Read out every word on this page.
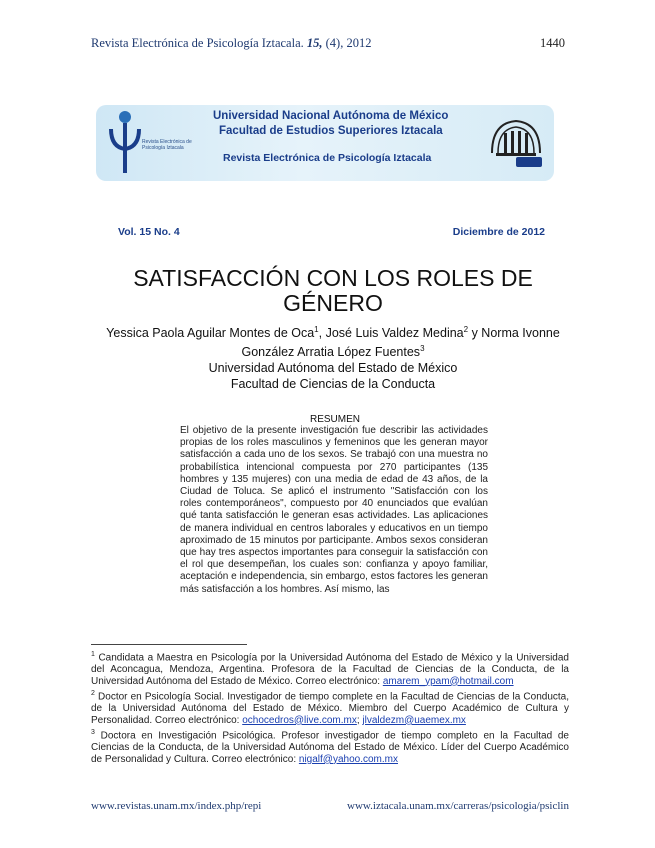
Revista Electrónica de Psicología Iztacala. 15, (4), 2012	1440
Revista Electrónica de Psicología Iztacala
Universidad Nacional Autónoma de México
Facultad de Estudios Superiores Iztacala
Revista Electrónica de Psicología Iztacala
Vol. 15 No. 4	Diciembre de 2012
SATISFACCIÓN CON LOS ROLES DE
GÉNERO
Yessica Paola Aguilar Montes de Oca$^1$, José Luis Valdez Medina$^2$ y Norma Ivonne
González Arratia López Fuentes$^3$
Universidad Autónoma del Estado de México
Facultad de Ciencias de la Conducta
RESUMEN
El objetivo de la presente investigación fue describir las actividades propias de los roles masculinos y femeninos que les generan mayor satisfacción a cada uno de los sexos. Se trabajó con una muestra no probabilística intencional compuesta por 270 participantes (135 hombres y 135 mujeres) con una media de edad de 43 años, de la Ciudad de Toluca. Se aplicó el instrumento "Satisfacción con los roles contemporáneos", compuesto por 40 enunciados que evalúan qué tanta satisfacción le generan esas actividades. Las aplicaciones de manera individual en centros laborales y educativos en un tiempo aproximado de 15 minutos por participante. Ambos sexos consideran que hay tres aspectos importantes para conseguir la satisfacción con el rol que desempeñan, los cuales son: confianza y apoyo familiar, aceptación e independencia, sin embargo, estos factores les generan más satisfacción a los hombres. Así mismo, las

$^1$ Candidata a Maestra en Psicología por la Universidad Autónoma del Estado de México y la Universidad del Aconcagua, Mendoza, Argentina. Profesora de la Facultad de Ciencias de la Conducta, de la Universidad Autónoma del Estado de México. Correo electrónico: amarem_ypam@hotmail.com

$^2$ Doctor en Psicología Social. Investigador de tiempo complete en la Facultad de Ciencias de la Conducta, de la Universidad Autónoma del Estado de México. Miembro del Cuerpo Académico de Cultura y Personalidad. Correo electrónico: ochocedros@live.com.mx; jlvaldezm@uaemex.mx

$^3$ Doctora en Investigación Psicológica. Profesor investigador de tiempo completo en la Facultad de Ciencias de la Conducta, de la Universidad Autónoma del Estado de México. Líder del Cuerpo Académico de Personalidad y Cultura. Correo electrónico: nigalf@yahoo.com.mx

www.revistas.unam.mx/index.php/repi	www.iztacala.unam.mx/carreras/psicologia/psiclin
